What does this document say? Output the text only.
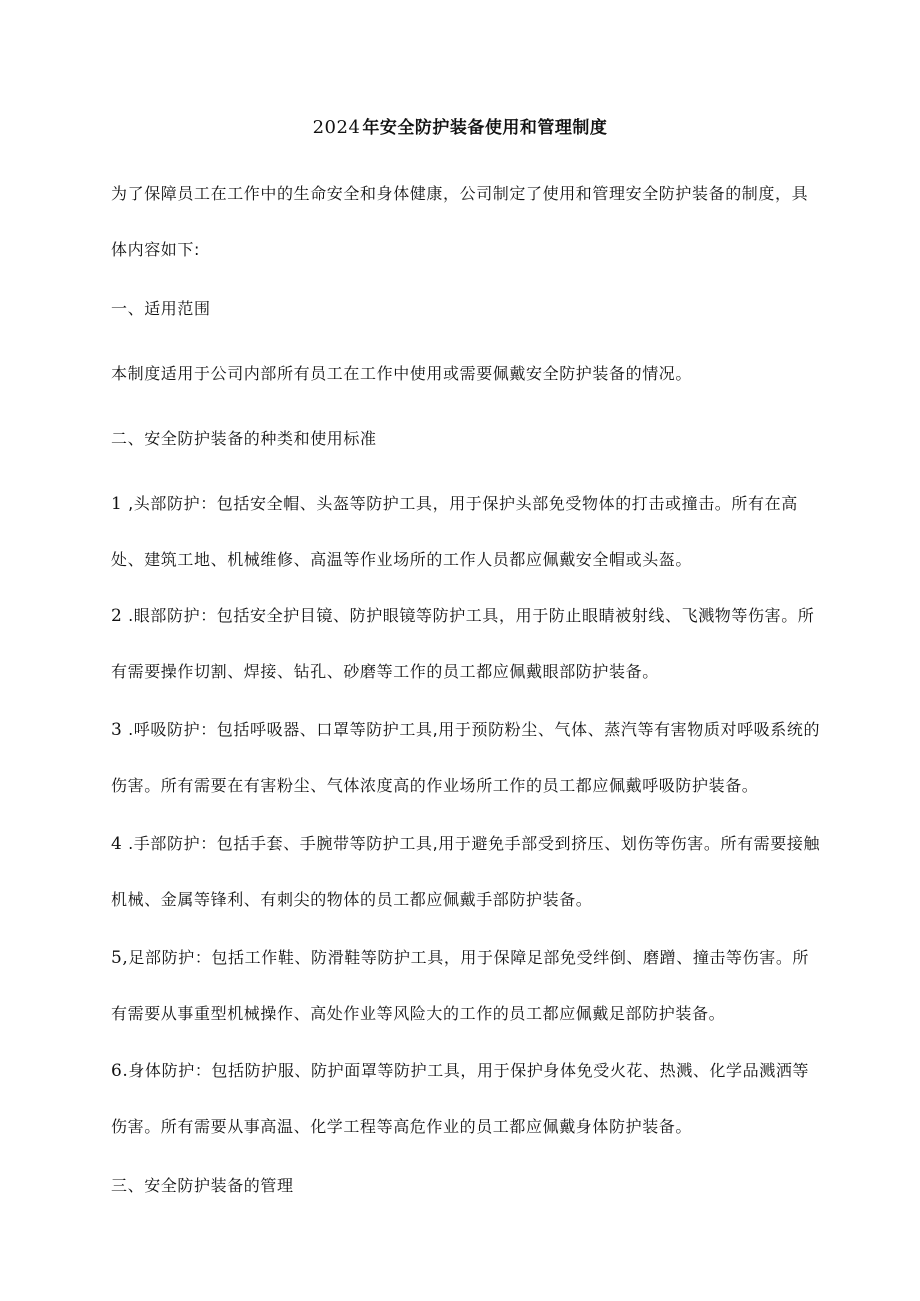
2024 年安全防护装备使用和管理制度

为了保障员工在工作中的生命安全和身体健康，公司制定了使用和管理安全防护装备的制度，具体内容如下:

一、适用范围

本制度适用于公司内部所有员工在工作中使用或需要佩戴安全防护装备的情况。

二、安全防护装备的种类和使用标准

1 ,头部防护：包括安全帽、头盔等防护工具，用于保护头部免受物体的打击或撞击。所有在高处、建筑工地、机械维修、高温等作业场所的工作人员都应佩戴安全帽或头盔。

2 .眼部防护：包括安全护目镜、防护眼镜等防护工具，用于防止眼睛被射线、飞溅物等伤害。所有需要操作切割、焊接、钻孔、砂磨等工作的员工都应佩戴眼部防护装备。

3 .呼吸防护：包括呼吸器、口罩等防护工具,用于预防粉尘、气体、蒸汽等有害物质对呼吸系统的伤害。所有需要在有害粉尘、气体浓度高的作业场所工作的员工都应佩戴呼吸防护装备。

4 .手部防护：包括手套、手腕带等防护工具,用于避免手部受到挤压、划伤等伤害。所有需要接触机械、金属等锋利、有刺尖的物体的员工都应佩戴手部防护装备。

5,足部防护：包括工作鞋、防滑鞋等防护工具，用于保障足部免受绊倒、磨蹭、撞击等伤害。所有需要从事重型机械操作、高处作业等风险大的工作的员工都应佩戴足部防护装备。

6.身体防护：包括防护服、防护面罩等防护工具，用于保护身体免受火花、热溅、化学品溅洒等伤害。所有需要从事高温、化学工程等高危作业的员工都应佩戴身体防护装备。

三、安全防护装备的管理
